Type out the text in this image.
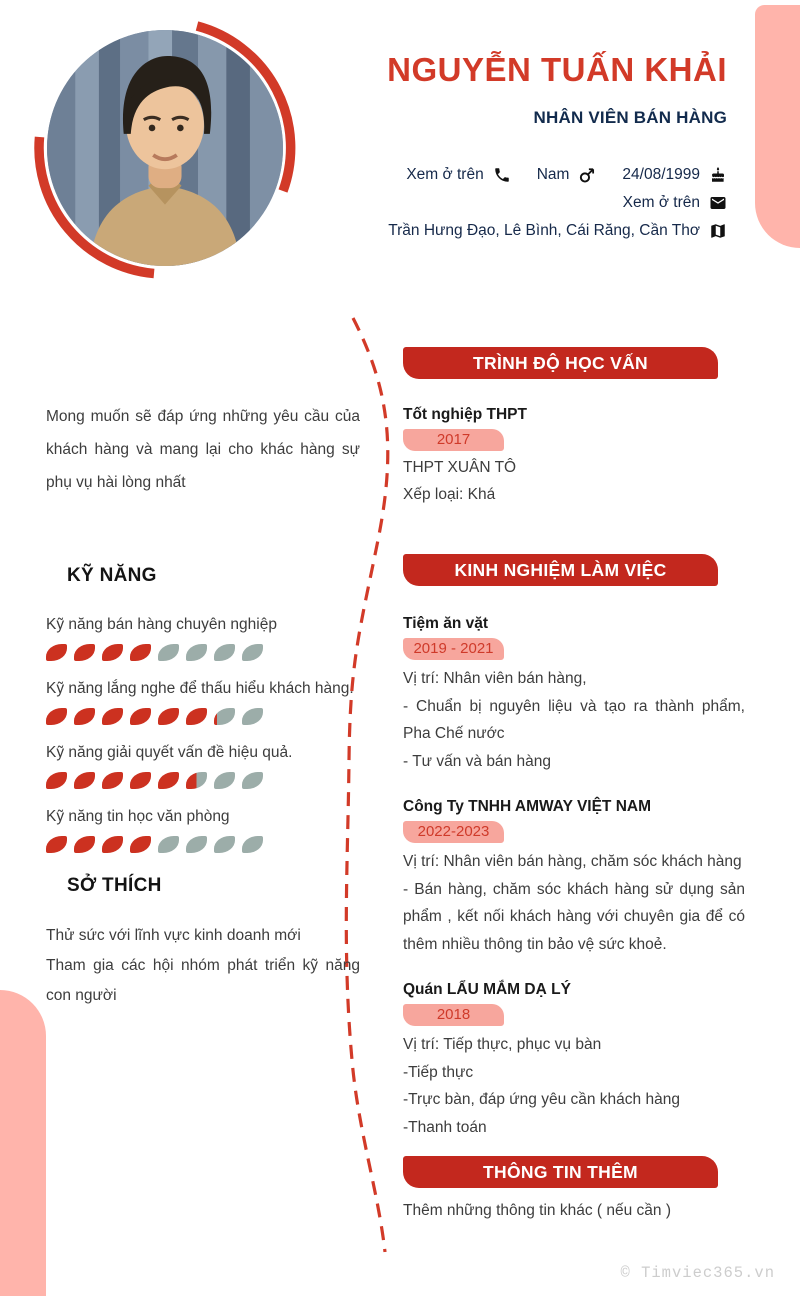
NGUYỄN TUẤN KHẢI
NHÂN VIÊN BÁN HÀNG
Xem ở trên	Nam	24/08/1999
Xem ở trên
Trần Hưng Đạo, Lê Bình, Cái Răng, Cần Thơ
Mong muốn sẽ đáp ứng những yêu cầu của khách hàng và mang lại cho khác hàng sự phụ vụ hài lòng nhất
KỸ NĂNG
Kỹ năng bán hàng chuyên nghiệp
Kỹ năng lắng nghe để thấu hiểu khách hàng.
Kỹ năng giải quyết vấn đề hiệu quả.
Kỹ năng tin học văn phòng
SỞ THÍCH
Thử sức với lĩnh vực kinh doanh mới
Tham gia các hội nhóm phát triển kỹ năng con người
TRÌNH ĐỘ HỌC VẤN
Tốt nghiệp THPT
2017
THPT XUÂN TÔ
Xếp loại: Khá
KINH NGHIỆM LÀM VIỆC
Tiệm ăn vặt
2019 - 2021
Vị trí: Nhân viên bán hàng,
- Chuẩn bị nguyên liệu và tạo ra thành phẩm, Pha Chế nước
- Tư vấn và bán hàng
Công Ty TNHH AMWAY VIỆT NAM
2022-2023
Vị trí: Nhân viên bán hàng, chăm sóc khách hàng
- Bán hàng, chăm sóc khách hàng sử dụng sản phẩm , kết nối khách hàng với chuyên gia để có thêm nhiều thông tin bảo vệ sức khoẻ.
Quán LẨU MẮM DẠ LÝ
2018
Vị trí: Tiếp thực, phục vụ bàn
-Tiếp thực
-Trực bàn, đáp ứng yêu cần khách hàng
-Thanh toán
THÔNG TIN THÊM
Thêm những thông tin khác ( nếu cần )
© Timviec365.vn
